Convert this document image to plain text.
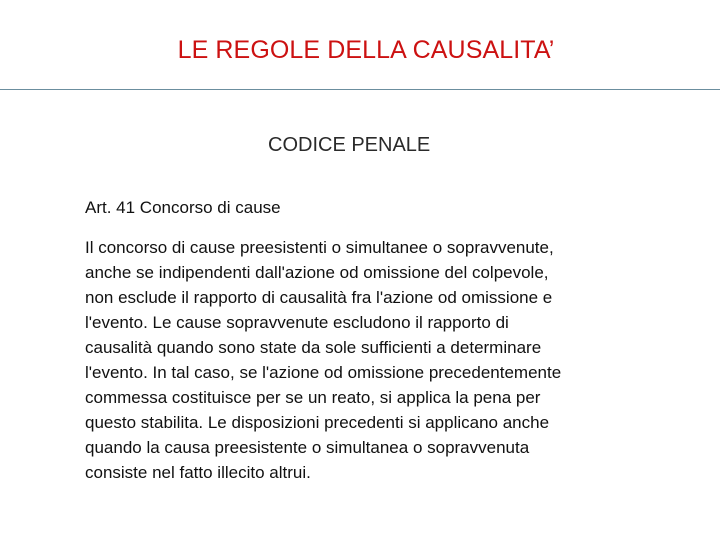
LE REGOLE DELLA CAUSALITA’
CODICE PENALE
Art. 41 Concorso di cause

Il concorso di cause preesistenti o simultanee o sopravvenute,
anche se indipendenti dall'azione od omissione del colpevole,
non esclude il rapporto di causalità fra l'azione od omissione e
l'evento. Le cause sopravvenute escludono il rapporto di
causalità quando sono state da sole sufficienti a determinare
l'evento. In tal caso, se l'azione od omissione precedentemente
commessa costituisce per se un reato, si applica la pena per
questo stabilita. Le disposizioni precedenti si applicano anche
quando la causa preesistente o simultanea o sopravvenuta
consiste nel fatto illecito altrui.
